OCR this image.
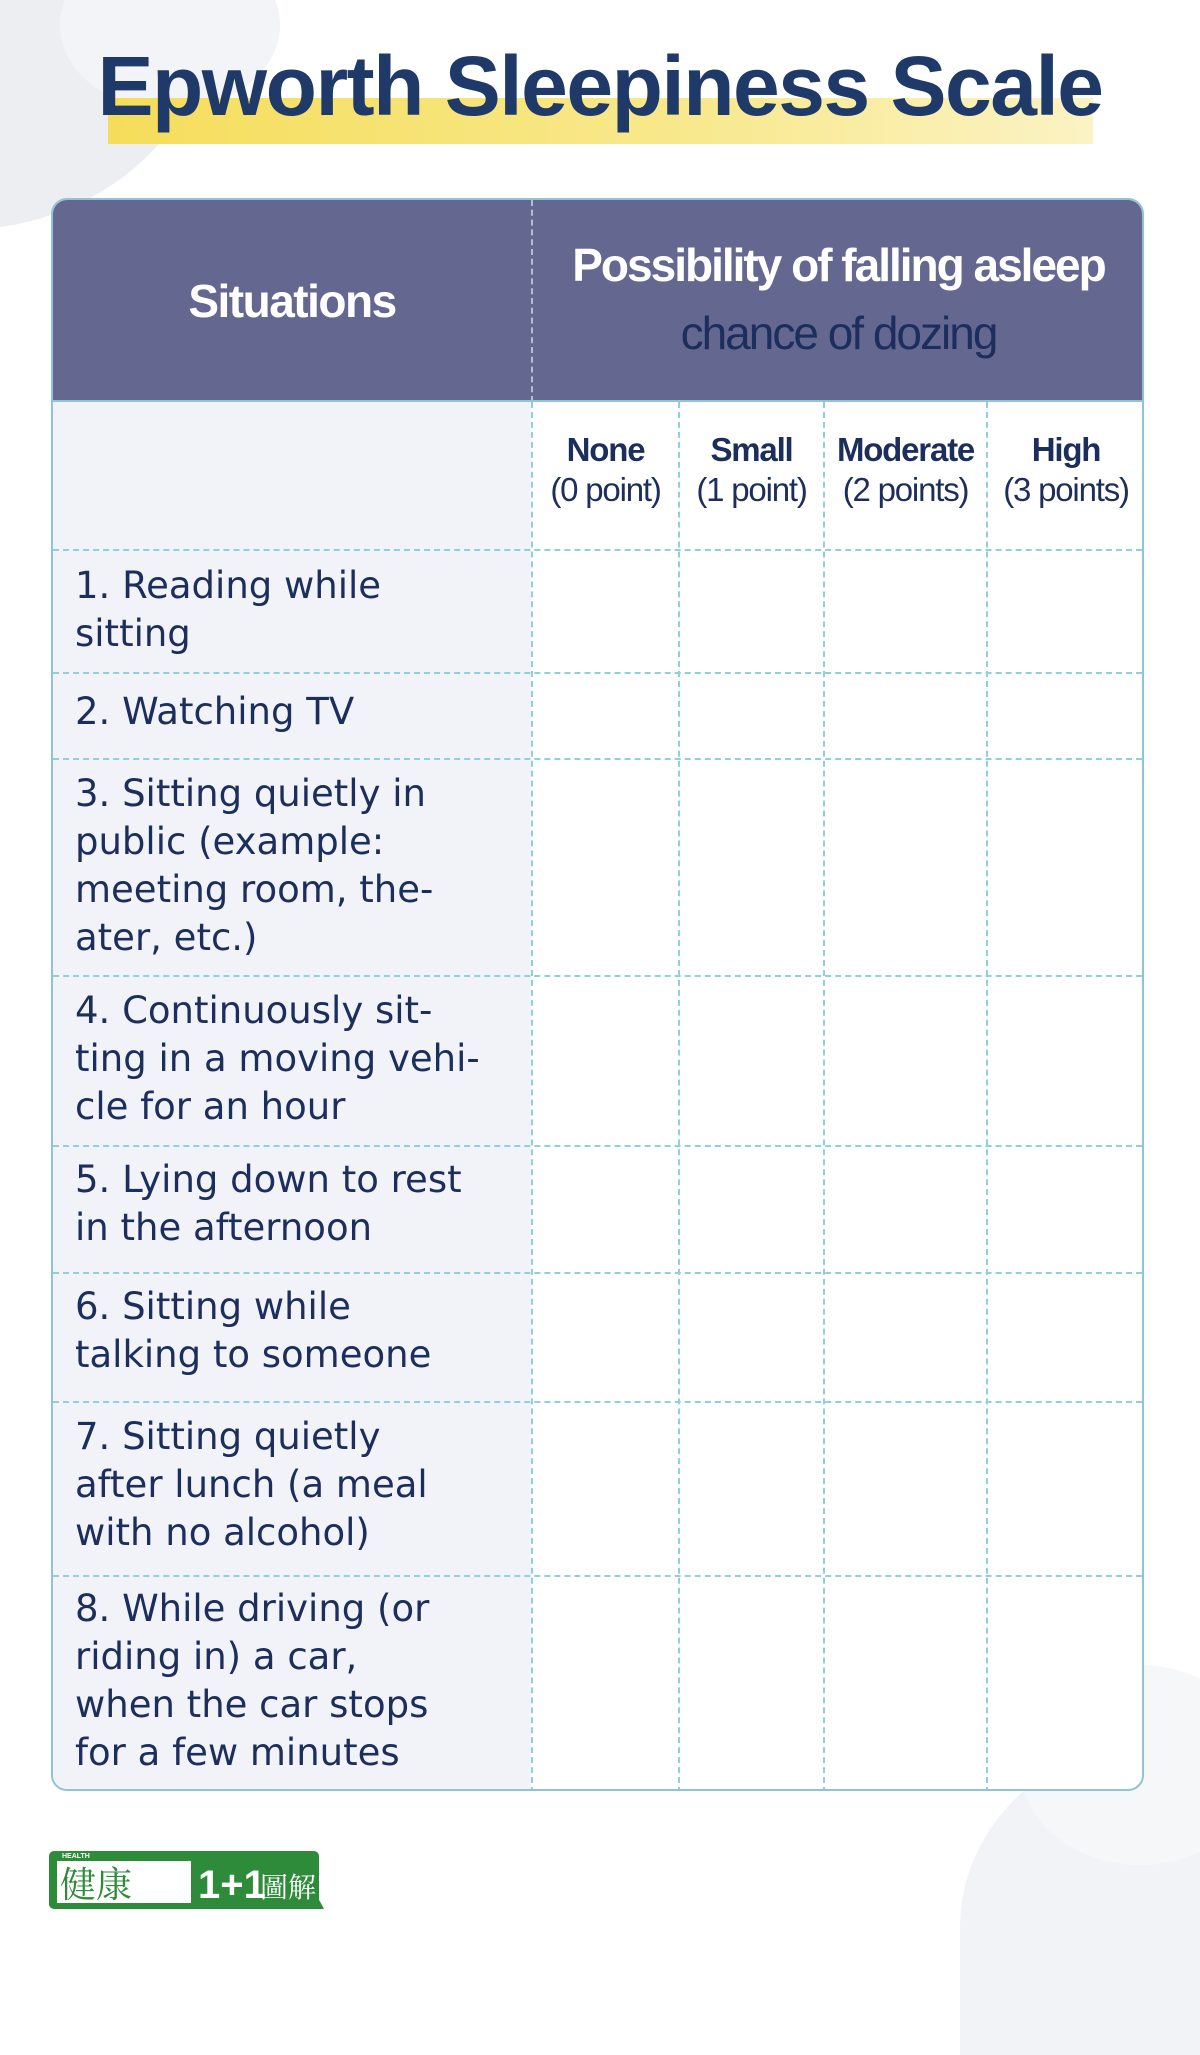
Epworth Sleepiness Scale
Situations
Possibility of falling asleep
chance of dozing
None
(0 point)
Small
(1 point)
Moderate
(2 points)
High
(3 points)
1. Reading while
sitting
2. Watching TV
3. Sitting quietly in
public (example:
meeting room, the-
ater, etc.)
4. Continuously sit-
ting in a moving vehi-
cle for an hour
5. Lying down to rest
in the afternoon
6. Sitting while
talking to someone
7. Sitting quietly
after lunch (a meal
with no alcohol)
8. While driving (or
riding in) a car,
when the car stops
for a few minutes
HEALTH
健康 1+1
圖解
